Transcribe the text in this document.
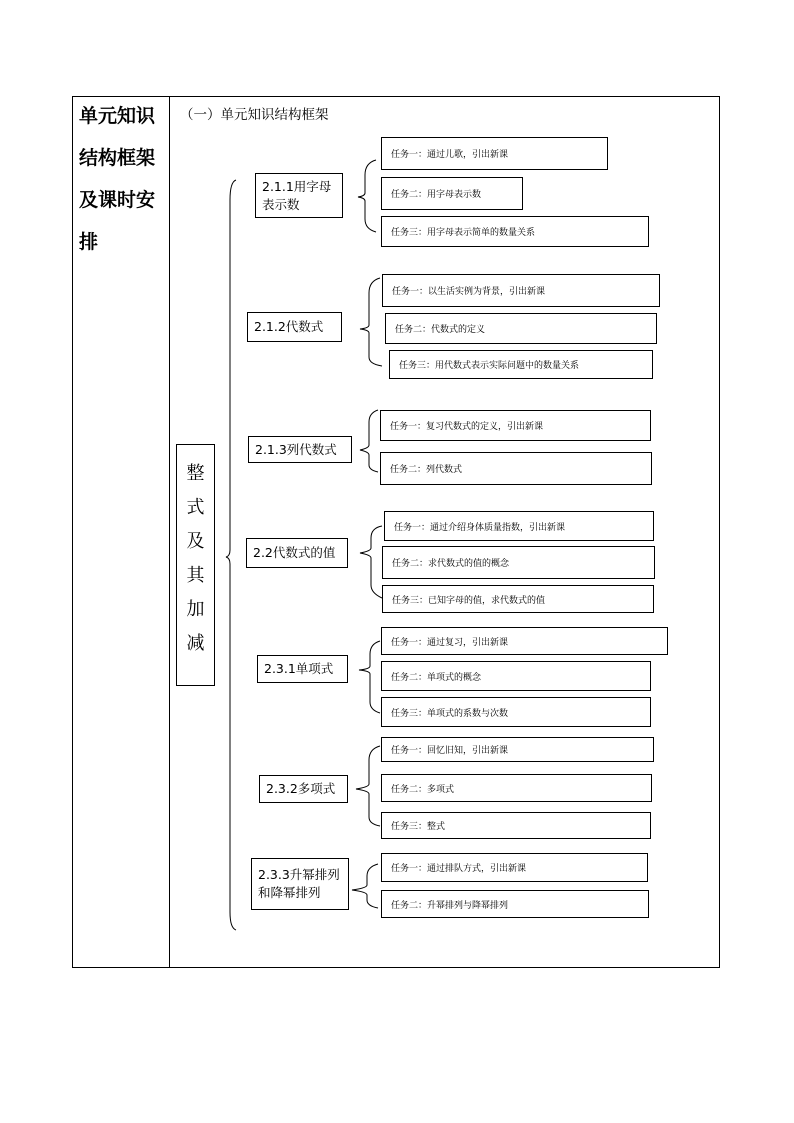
单元知识
结构框架
及课时安
排
（一）单元知识结构框架
整
式
及
其
加
减
2.1.1用字母表示数
任务一：通过儿歌，引出新课
任务二：用字母表示数
任务三：用字母表示简单的数量关系
2.1.2代数式
任务一：以生活实例为背景，引出新课
任务二：代数式的定义
任务三：用代数式表示实际问题中的数量关系
2.1.3列代数式
任务一：复习代数式的定义，引出新课
任务二：列代数式
2.2代数式的值
任务一：通过介绍身体质量指数，引出新课
任务二：求代数式的值的概念
任务三：已知字母的值，求代数式的值
2.3.1单项式
任务一：通过复习，引出新课
任务二：单项式的概念
任务三：单项式的系数与次数
2.3.2多项式
任务一：回忆旧知，引出新课
任务二：多项式
任务三：整式
2.3.3升幂排列和降幂排列
任务一：通过排队方式，引出新课
任务二：升幂排列与降幂排列
